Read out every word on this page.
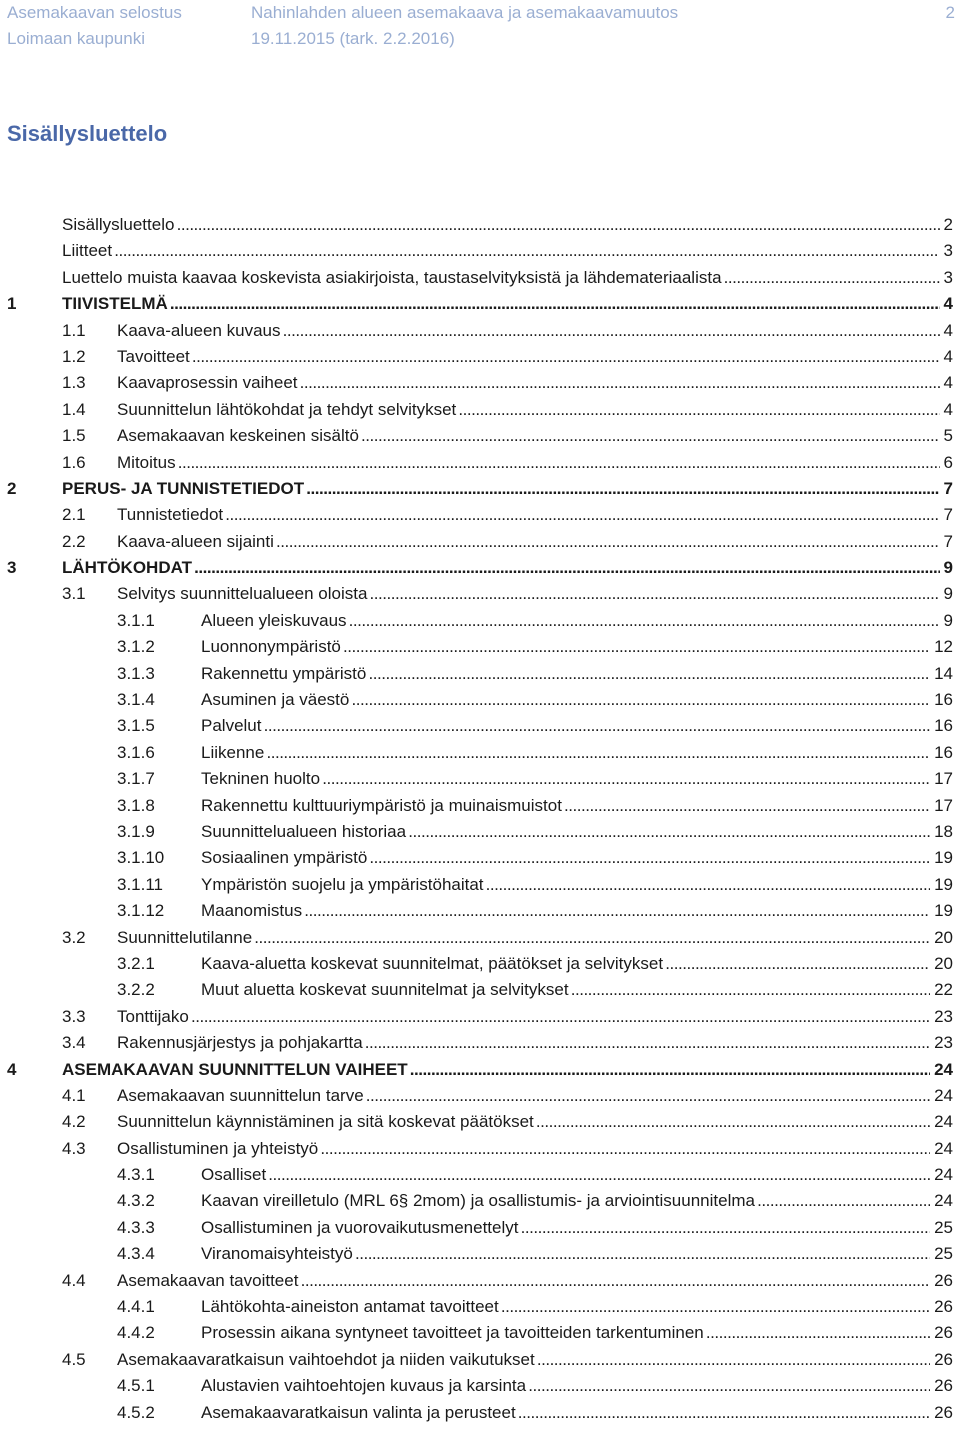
Asemakaavan selostus	Nahinlahden alueen asemakaava ja asemakaavamuutos	2
Loimaan kaupunki	19.11.2015 (tark. 2.2.2016)
Sisällysluettelo
Sisällysluettelo . . .	2
Liitteet . . .	3
Luettelo muista kaavaa koskevista asiakirjoista, taustaselvityksistä ja lähdemateriaalista . . .	3
1	TIIVISTELMÄ . . .	4
1.1	Kaava-alueen kuvaus . . .	4
1.2	Tavoitteet . . .	4
1.3	Kaavaprosessin vaiheet . . .	4
1.4	Suunnittelun lähtökohdat ja tehdyt selvitykset . . .	4
1.5	Asemakaavan keskeinen sisältö . . .	5
1.6	Mitoitus . . .	6
2	PERUS- JA TUNNISTETIEDOT . . .	7
2.1	Tunnistetiedot . . .	7
2.2	Kaava-alueen sijainti . . .	7
3	LÄHTÖKOHDAT . . .	9
3.1	Selvitys suunnittelualueen oloista . . .	9
3.1.1	Alueen yleiskuvaus . . .	9
3.1.2	Luonnonympäristö . . .	12
3.1.3	Rakennettu ympäristö . . .	14
3.1.4	Asuminen ja väestö . . .	16
3.1.5	Palvelut . . .	16
3.1.6	Liikenne . . .	16
3.1.7	Tekninen huolto . . .	17
3.1.8	Rakennettu kulttuuriympäristö ja muinaismuistot . . .	17
3.1.9	Suunnittelualueen historiaa . . .	18
3.1.10	Sosiaalinen ympäristö . . .	19
3.1.11	Ympäristön suojelu ja ympäristöhaitat . . .	19
3.1.12	Maanomistus . . .	19
3.2	Suunnittelutilanne . . .	20
3.2.1	Kaava-aluetta koskevat suunnitelmat, päätökset ja selvitykset . . .	20
3.2.2	Muut aluetta koskevat suunnitelmat ja selvitykset . . .	22
3.3	Tonttijako . . .	23
3.4	Rakennusjärjestys ja pohjakartta . . .	23
4	ASEMAKAAVAN SUUNNITTELUN VAIHEET . . .	24
4.1	Asemakaavan suunnittelun tarve . . .	24
4.2	Suunnittelun käynnistäminen ja sitä koskevat päätökset . . .	24
4.3	Osallistuminen ja yhteistyö . . .	24
4.3.1	Osalliset . . .	24
4.3.2	Kaavan vireilletulo (MRL 6§ 2mom) ja osallistumis- ja arviointisuunnitelma . . .	24
4.3.3	Osallistuminen ja vuorovaikutusmenettelyt . . .	25
4.3.4	Viranomaisyhteistyö . . .	25
4.4	Asemakaavan tavoitteet . . .	26
4.4.1	Lähtökohta-aineiston antamat tavoitteet . . .	26
4.4.2	Prosessin aikana syntyneet tavoitteet ja tavoitteiden tarkentuminen . . .	26
4.5	Asemakaavaratkaisun vaihtoehdot ja niiden vaikutukset . . .	26
4.5.1	Alustavien vaihtoehtojen kuvaus ja karsinta . . .	26
4.5.2	Asemakaavaratkaisun valinta ja perusteet . . .	26
